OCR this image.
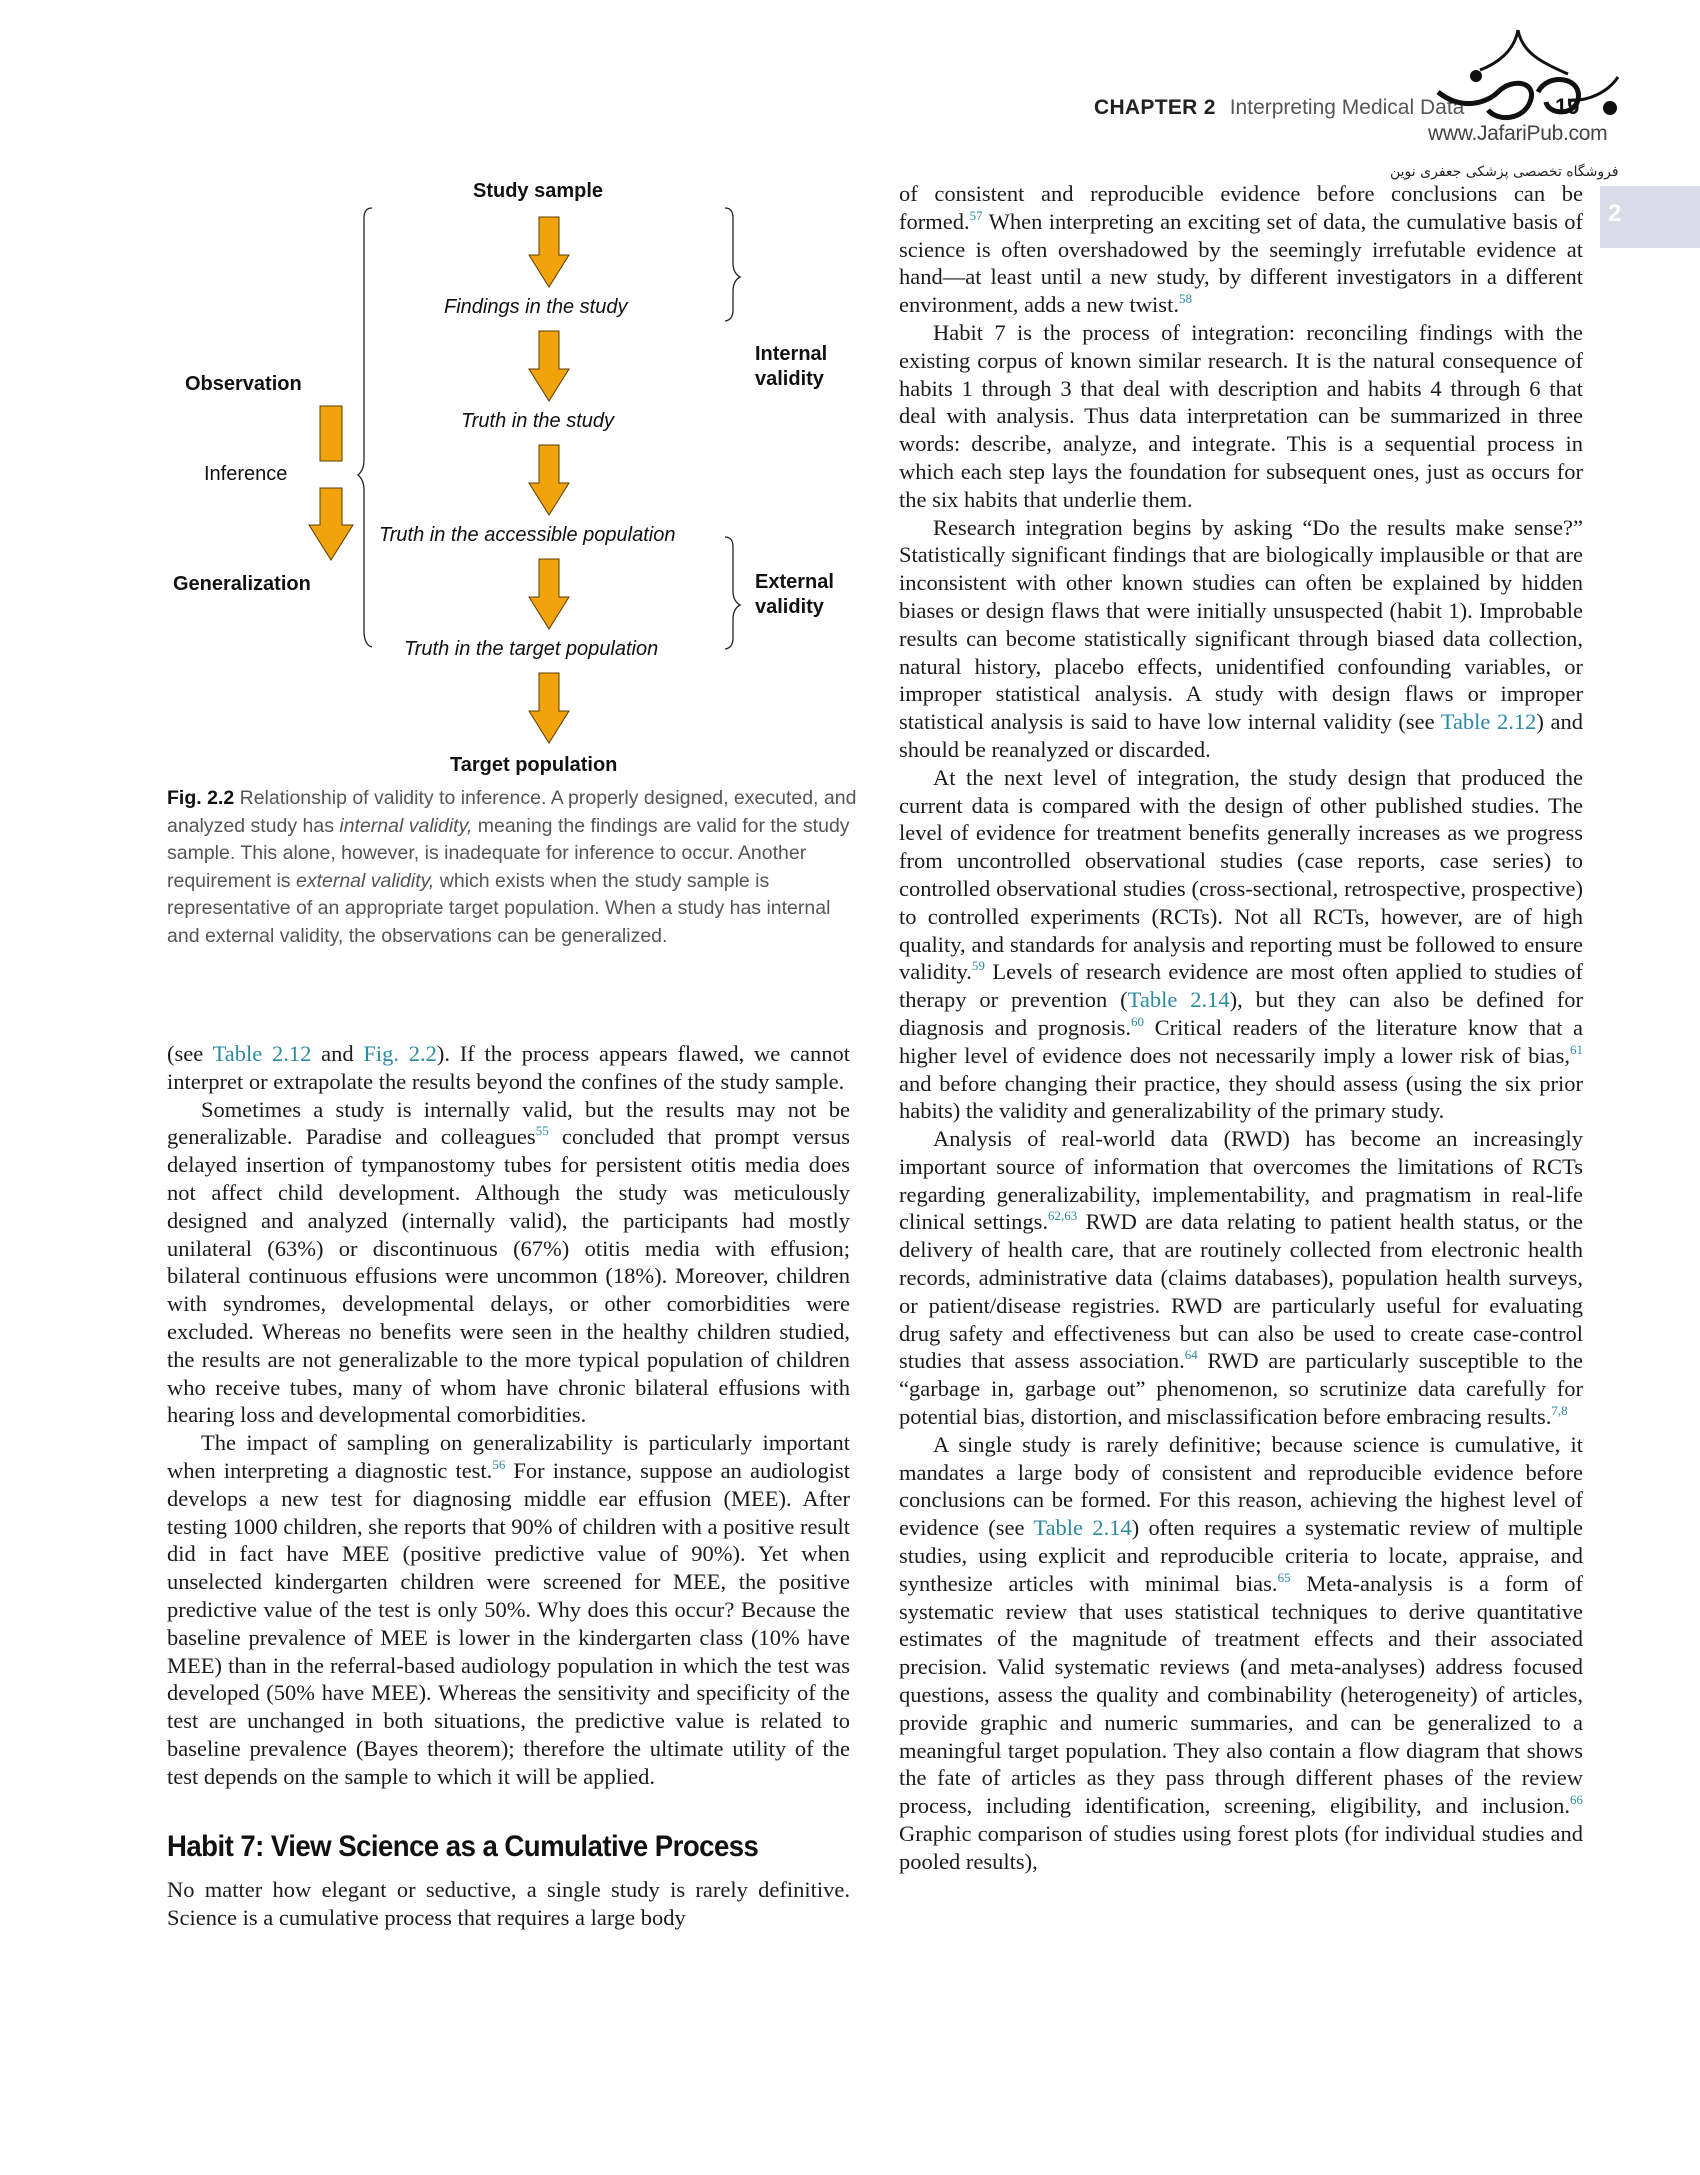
CHAPTER 2 Interpreting Medical Data	19
www.JafariPub.com
فروشگاه تخصصی پزشکی جعفری نوین
2
Study sample
Findings in the study
Truth in the study
Truth in the accessible population
Truth in the target population
Target population
Observation
Inference
Generalization
Internal
validity
External
validity
Fig. 2.2 Relationship of validity to inference. A properly designed, executed, and analyzed study has internal validity, meaning the findings are valid for the study sample. This alone, however, is inadequate for inference to occur. Another requirement is external validity, which exists when the study sample is representative of an appropriate target population. When a study has internal and external validity, the observations can be generalized.

(see Table 2.12 and Fig. 2.2). If the process appears flawed, we cannot interpret or extrapolate the results beyond the confines of the study sample.

Sometimes a study is internally valid, but the results may not be generalizable. Paradise and colleagues$^{55}$ concluded that prompt versus delayed insertion of tympanostomy tubes for persistent otitis media does not affect child development. Although the study was meticulously designed and analyzed (internally valid), the participants had mostly unilateral (63%) or discontinuous (67%) otitis media with effusion; bilateral continuous effusions were uncommon (18%). Moreover, children with syndromes, developmental delays, or other comorbidities were excluded. Whereas no benefits were seen in the healthy children studied, the results are not generalizable to the more typical population of children who receive tubes, many of whom have chronic bilateral effusions with hearing loss and developmental comorbidities.

The impact of sampling on generalizability is particularly important when interpreting a diagnostic test.$^{56}$ For instance, suppose an audiologist develops a new test for diagnosing middle ear effusion (MEE). After testing 1000 children, she reports that 90% of children with a positive result did in fact have MEE (positive predictive value of 90%). Yet when unselected kindergarten children were screened for MEE, the positive predictive value of the test is only 50%. Why does this occur? Because the baseline prevalence of MEE is lower in the kindergarten class (10% have MEE) than in the referral-based audiology population in which the test was developed (50% have MEE). Whereas the sensitivity and specificity of the test are unchanged in both situations, the predictive value is related to baseline prevalence (Bayes theorem); therefore the ultimate utility of the test depends on the sample to which it will be applied.

Habit 7: View Science as a Cumulative Process

No matter how elegant or seductive, a single study is rarely definitive. Science is a cumulative process that requires a large body

of consistent and reproducible evidence before conclusions can be formed.$^{57}$ When interpreting an exciting set of data, the cumulative basis of science is often overshadowed by the seemingly irrefutable evidence at hand—at least until a new study, by different investigators in a different environment, adds a new twist.$^{58}$

Habit 7 is the process of integration: reconciling findings with the existing corpus of known similar research. It is the natural consequence of habits 1 through 3 that deal with description and habits 4 through 6 that deal with analysis. Thus data interpretation can be summarized in three words: describe, analyze, and integrate. This is a sequential process in which each step lays the foundation for subsequent ones, just as occurs for the six habits that underlie them.

Research integration begins by asking “Do the results make sense?” Statistically significant findings that are biologically implausible or that are inconsistent with other known studies can often be explained by hidden biases or design flaws that were initially unsuspected (habit 1). Improbable results can become statistically significant through biased data collection, natural history, placebo effects, unidentified confounding variables, or improper statistical analysis. A study with design flaws or improper statistical analysis is said to have low internal validity (see Table 2.12) and should be reanalyzed or discarded.

At the next level of integration, the study design that produced the current data is compared with the design of other published studies. The level of evidence for treatment benefits generally increases as we progress from uncontrolled observational studies (case reports, case series) to controlled observational studies (cross-sectional, retrospective, prospective) to controlled experiments (RCTs). Not all RCTs, however, are of high quality, and standards for analysis and reporting must be followed to ensure validity.$^{59}$ Levels of research evidence are most often applied to studies of therapy or prevention (Table 2.14), but they can also be defined for diagnosis and prognosis.$^{60}$ Critical readers of the literature know that a higher level of evidence does not necessarily imply a lower risk of bias,$^{61}$ and before changing their practice, they should assess (using the six prior habits) the validity and generalizability of the primary study.

Analysis of real-world data (RWD) has become an increasingly important source of information that overcomes the limitations of RCTs regarding generalizability, implementability, and pragmatism in real-life clinical settings.$^{62,63}$ RWD are data relating to patient health status, or the delivery of health care, that are routinely collected from electronic health records, administrative data (claims databases), population health surveys, or patient/disease registries. RWD are particularly useful for evaluating drug safety and effectiveness but can also be used to create case-control studies that assess association.$^{64}$ RWD are particularly susceptible to the “garbage in, garbage out” phenomenon, so scrutinize data carefully for potential bias, distortion, and misclassification before embracing results.$^{7,8}$

A single study is rarely definitive; because science is cumulative, it mandates a large body of consistent and reproducible evidence before conclusions can be formed. For this reason, achieving the highest level of evidence (see Table 2.14) often requires a systematic review of multiple studies, using explicit and reproducible criteria to locate, appraise, and synthesize articles with minimal bias.$^{65}$ Meta-analysis is a form of systematic review that uses statistical techniques to derive quantitative estimates of the magnitude of treatment effects and their associated precision. Valid systematic reviews (and meta-analyses) address focused questions, assess the quality and combinability (heterogeneity) of articles, provide graphic and numeric summaries, and can be generalized to a meaningful target population. They also contain a flow diagram that shows the fate of articles as they pass through different phases of the review process, including identification, screening, eligibility, and inclusion.$^{66}$ Graphic comparison of studies using forest plots (for individual studies and pooled results),
